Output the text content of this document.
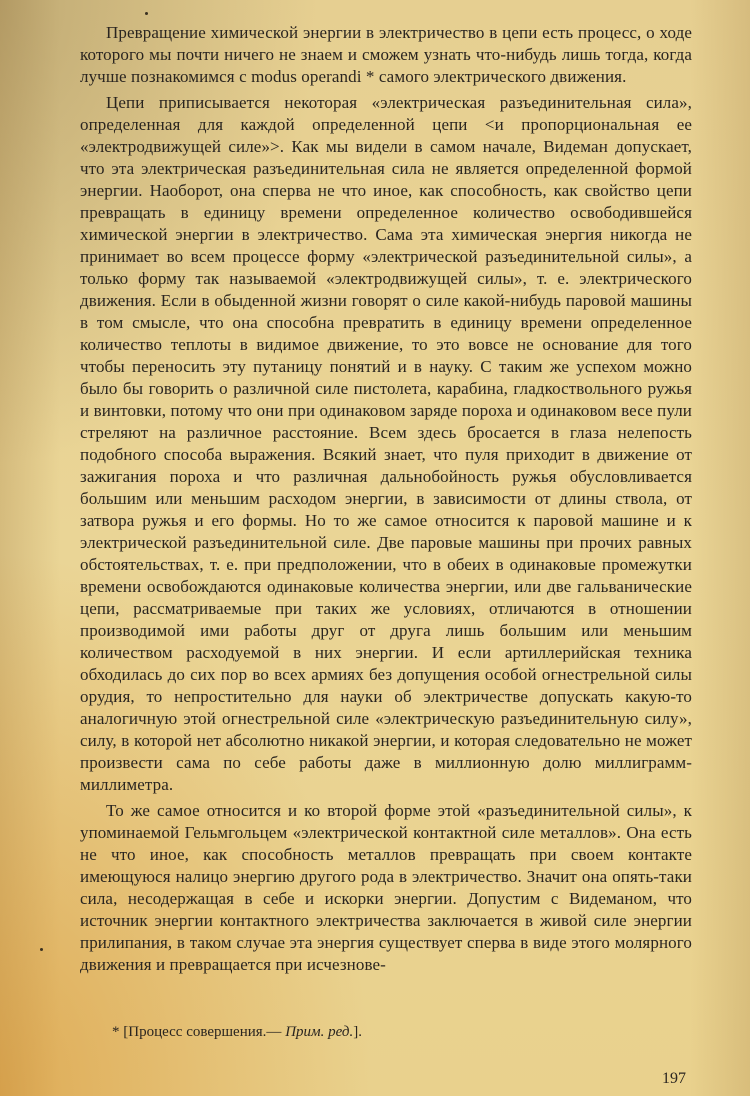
Превращение химической энергии в электричество в цепи есть процесс, о ходе которого мы почти ничего не знаем и сможем узнать что-нибудь лишь тогда, когда лучше познакомимся с modus operandi * самого электрического движения.

Цепи приписывается некоторая «электрическая разъединительная сила», определенная для каждой определенной цепи <и пропорциональная ее «электродвижущей силе»>. Как мы видели в самом начале, Видеман допускает, что эта электрическая разъединительная сила не является определенной формой энергии. Наоборот, она сперва не что иное, как способность, как свойство цепи превращать в единицу времени определенное количество освободившейся химической энергии в электричество. Сама эта химическая энергия никогда не принимает во всем процессе форму «электрической разъединительной силы», а только форму так называемой «электродвижущей силы», т. е. электрического движения. Если в обыденной жизни говорят о силе какой-нибудь паровой машины в том смысле, что она способна превратить в единицу времени определенное количество теплоты в видимое движение, то это вовсе не основание для того чтобы переносить эту путаницу понятий и в науку. С таким же успехом можно было бы говорить о различной силе пистолета, карабина, гладкоствольного ружья и винтовки, потому что они при одинаковом заряде пороха и одинаковом весе пули стреляют на различное расстояние. Всем здесь бросается в глаза нелепость подобного способа выражения. Всякий знает, что пуля приходит в движение от зажигания пороха и что различная дальнобойность ружья обусловливается большим или меньшим расходом энергии, в зависимости от длины ствола, от затвора ружья и его формы. Но то же самое относится к паровой машине и к электрической разъединительной силе. Две паровые машины при прочих равных обстоятельствах, т. е. при предположении, что в обеих в одинаковые промежутки времени освобождаются одинаковые количества энергии, или две гальванические цепи, рассматриваемые при таких же условиях, отличаются в отношении производимой ими работы друг от друга лишь большим или меньшим количеством расходуемой в них энергии. И если артиллерийская техника обходилась до сих пор во всех армиях без допущения особой огнестрельной силы орудия, то непростительно для науки об электричестве допускать какую-то аналогичную этой огнестрельной силе «электрическую разъединительную силу», силу, в которой нет абсолютно никакой энергии, и которая следовательно не может произвести сама по себе работы даже в миллионную долю миллиграмм-миллиметра.

То же самое относится и ко второй форме этой «разъединительной силы», к упоминаемой Гельмгольцем «электрической контактной силе металлов». Она есть не что иное, как способность металлов превращать при своем контакте имеющуюся налицо энергию другого рода в электричество. Значит она опять-таки сила, несодержащая в себе и искорки энергии. Допустим с Видеманом, что источник энергии контактного электричества заключается в живой силе энергии прилипания, в таком случае эта энергия существует сперва в виде этого молярного движения и превращается при исчезнове-

* [Процесс совершения.— Прим. ред.].
197
